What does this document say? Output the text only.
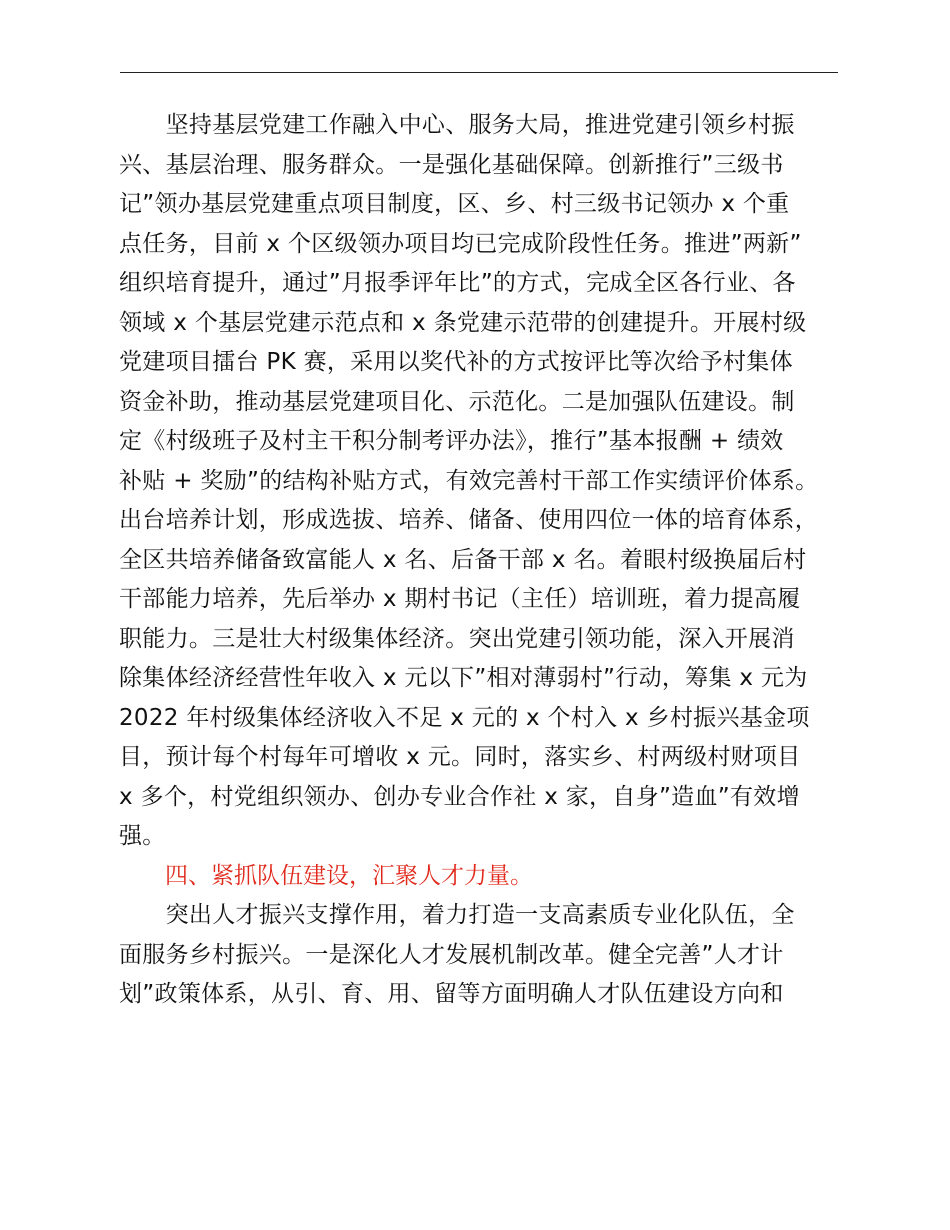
　　坚持基层党建工作融入中心、服务大局，推进党建引领乡村振
兴、基层治理、服务群众。一是强化基础保障。创新推行”三级书
记”领办基层党建重点项目制度，区、乡、村三级书记领办 x 个重
点任务，目前 x 个区级领办项目均已完成阶段性任务。推进”两新”
组织培育提升，通过”月报季评年比”的方式，完成全区各行业、各
领域 x 个基层党建示范点和 x 条党建示范带的创建提升。开展村级
党建项目擂台 PK 赛，采用以奖代补的方式按评比等次给予村集体
资金补助，推动基层党建项目化、示范化。二是加强队伍建设。制
定《村级班子及村主干积分制考评办法》，推行”基本报酬 + 绩效
补贴 + 奖励”的结构补贴方式，有效完善村干部工作实绩评价体系。
出台培养计划，形成选拔、培养、储备、使用四位一体的培育体系，
全区共培养储备致富能人 x 名、后备干部 x 名。着眼村级换届后村
干部能力培养，先后举办 x 期村书记（主任）培训班，着力提高履
职能力。三是壮大村级集体经济。突出党建引领功能，深入开展消
除集体经济经营性年收入 x 元以下”相对薄弱村”行动，筹集 x 元为
2022 年村级集体经济收入不足 x 元的 x 个村入 x 乡村振兴基金项
目，预计每个村每年可增收 x 元。同时，落实乡、村两级村财项目
x 多个，村党组织领办、创办专业合作社 x 家，自身”造血”有效增
强。
　　四、紧抓队伍建设，汇聚人才力量。
　　突出人才振兴支撑作用，着力打造一支高素质专业化队伍，全
面服务乡村振兴。一是深化人才发展机制改革。健全完善”人才计
划”政策体系，从引、育、用、留等方面明确人才队伍建设方向和
